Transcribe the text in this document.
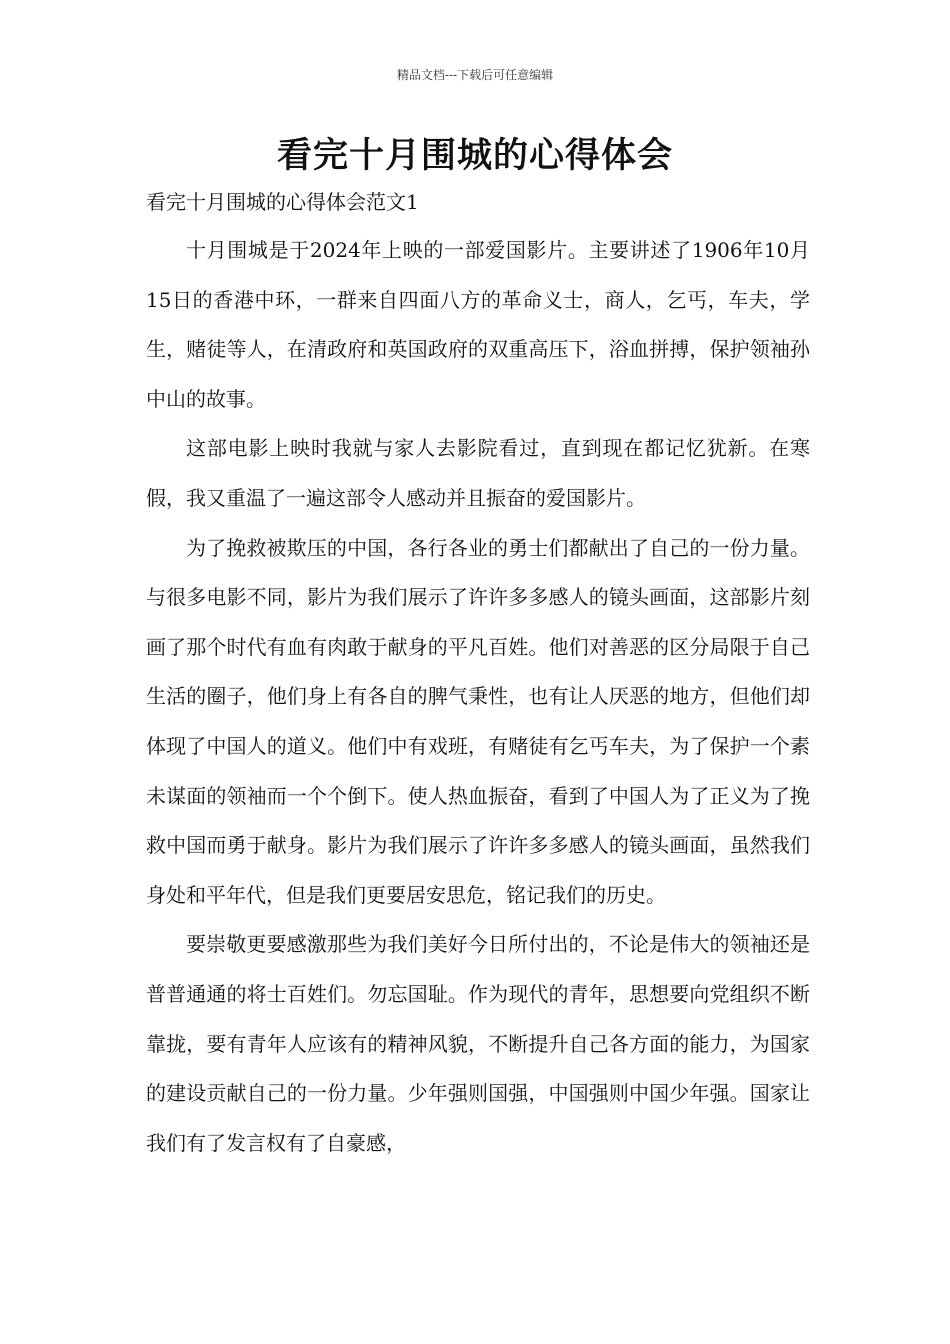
精品文档---下载后可任意编辑
看完十月围城的心得体会
看完十月围城的心得体会范文1

十月围城是于2024年上映的一部爱国影片。主要讲述了1906年10月15日的香港中环，一群来自四面八方的革命义士，商人，乞丐，车夫，学生，赌徒等人，在清政府和英国政府的双重高压下，浴血拼搏，保护领袖孙中山的故事。

这部电影上映时我就与家人去影院看过，直到现在都记忆犹新。在寒假，我又重温了一遍这部令人感动并且振奋的爱国影片。

为了挽救被欺压的中国，各行各业的勇士们都献出了自己的一份力量。与很多电影不同，影片为我们展示了许许多多感人的镜头画面，这部影片刻画了那个时代有血有肉敢于献身的平凡百姓。他们对善恶的区分局限于自己生活的圈子，他们身上有各自的脾气秉性，也有让人厌恶的地方，但他们却体现了中国人的道义。他们中有戏班，有赌徒有乞丐车夫，为了保护一个素未谋面的领袖而一个个倒下。使人热血振奋，看到了中国人为了正义为了挽救中国而勇于献身。影片为我们展示了许许多多感人的镜头画面，虽然我们身处和平年代，但是我们更要居安思危，铭记我们的历史。

要崇敬更要感激那些为我们美好今日所付出的，不论是伟大的领袖还是普普通通的将士百姓们。勿忘国耻。作为现代的青年，思想要向党组织不断靠拢，要有青年人应该有的精神风貌，不断提升自己各方面的能力，为国家的建设贡献自己的一份力量。少年强则国强，中国强则中国少年强。国家让我们有了发言权有了自豪感，
